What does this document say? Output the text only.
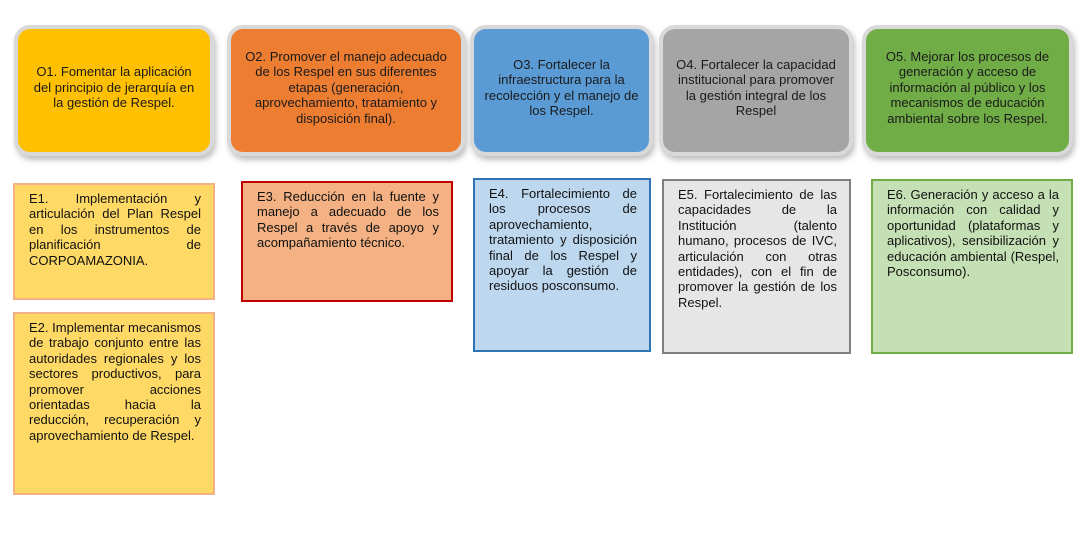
O1. Fomentar la aplicación del principio de jerarquía en la gestión de Respel.
O2. Promover el manejo adecuado de los Respel en sus diferentes etapas (generación, aprovechamiento, tratamiento y disposición final).
O3. Fortalecer la infraestructura para la recolección y el manejo de los Respel.
O4. Fortalecer la capacidad institucional para promover la gestión integral de los Respel
O5. Mejorar los procesos de generación y acceso de información al público y los mecanismos de educación ambiental sobre los Respel.
E1. Implementación y articulación del Plan Respel en los instrumentos de planificación de CORPOAMAZONIA.
E2. Implementar mecanismos de trabajo conjunto entre las autoridades regionales y los sectores productivos, para promover acciones orientadas hacia la reducción, recuperación y aprovechamiento de Respel.
E3. Reducción en la fuente y manejo a adecuado de los Respel a través de apoyo y acompañamiento técnico.
E4. Fortalecimiento de los procesos de aprovechamiento, tratamiento y disposición final de los Respel y apoyar la gestión de residuos posconsumo.
E5. Fortalecimiento de las capacidades de la Institución (talento humano, procesos de IVC, articulación con otras entidades), con el fin de promover la gestión de los Respel.
E6. Generación y acceso a la información con calidad y oportunidad (plataformas y aplicativos), sensibilización y educación ambiental (Respel, Posconsumo).
